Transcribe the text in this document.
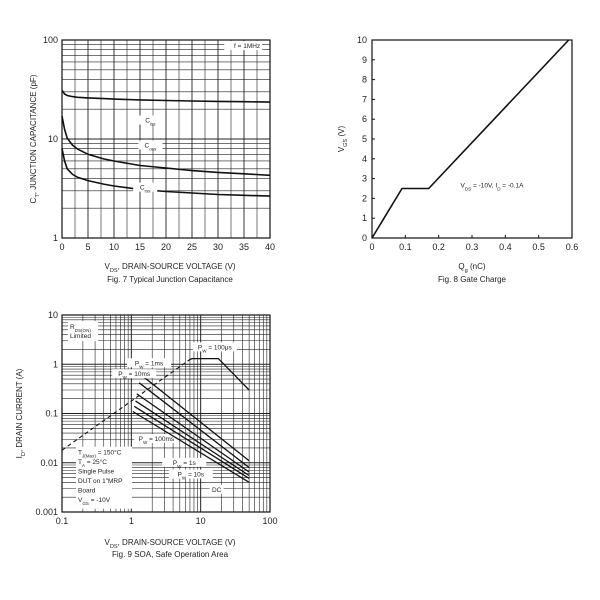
0 5 10 15 20 25 30 35 40
1
10
100
$C_{iss}$
$C_{oss}$
$C_{rss}$
f = 1MHz
$V_{DS}$, DRAIN-SOURCE VOLTAGE (V)
$C_T$, JUNCTION CAPACITANCE (pF)
Fig. 7 Typical Junction Capacitance
0	0.1 0.2 0.3 0.4 0.5 0.6
0
1
2
3
4
5
6
7
8
9
10
$V_{DS} = -10V$, $I_D = -0.1A$
$Q_g$ (nC)
$V_{GS}$ (V)
Fig. 8 Gate Charge
0.1	1	10	100
0.001
0.01
0.1
1
10
$P_W = 100\mu s$
$P_W = 1ms$
$P_W = 10ms$
$P_W = 100ms$
$P_W = 1s$
$P_W = 10s$
DC
$R_{DS(ON)}$
Limited
$T_{J(Max)} = 150^\circ C$
$T_A = 25^\circ C$
Single Pulse
DUT on 1"MRP
Board
$V_{GS} = -10V$
$V_{DS}$, DRAIN-SOURCE VOLTAGE (V)
$I_D$, DRAIN CURRENT (A)
Fig. 9 SOA, Safe Operation Area
